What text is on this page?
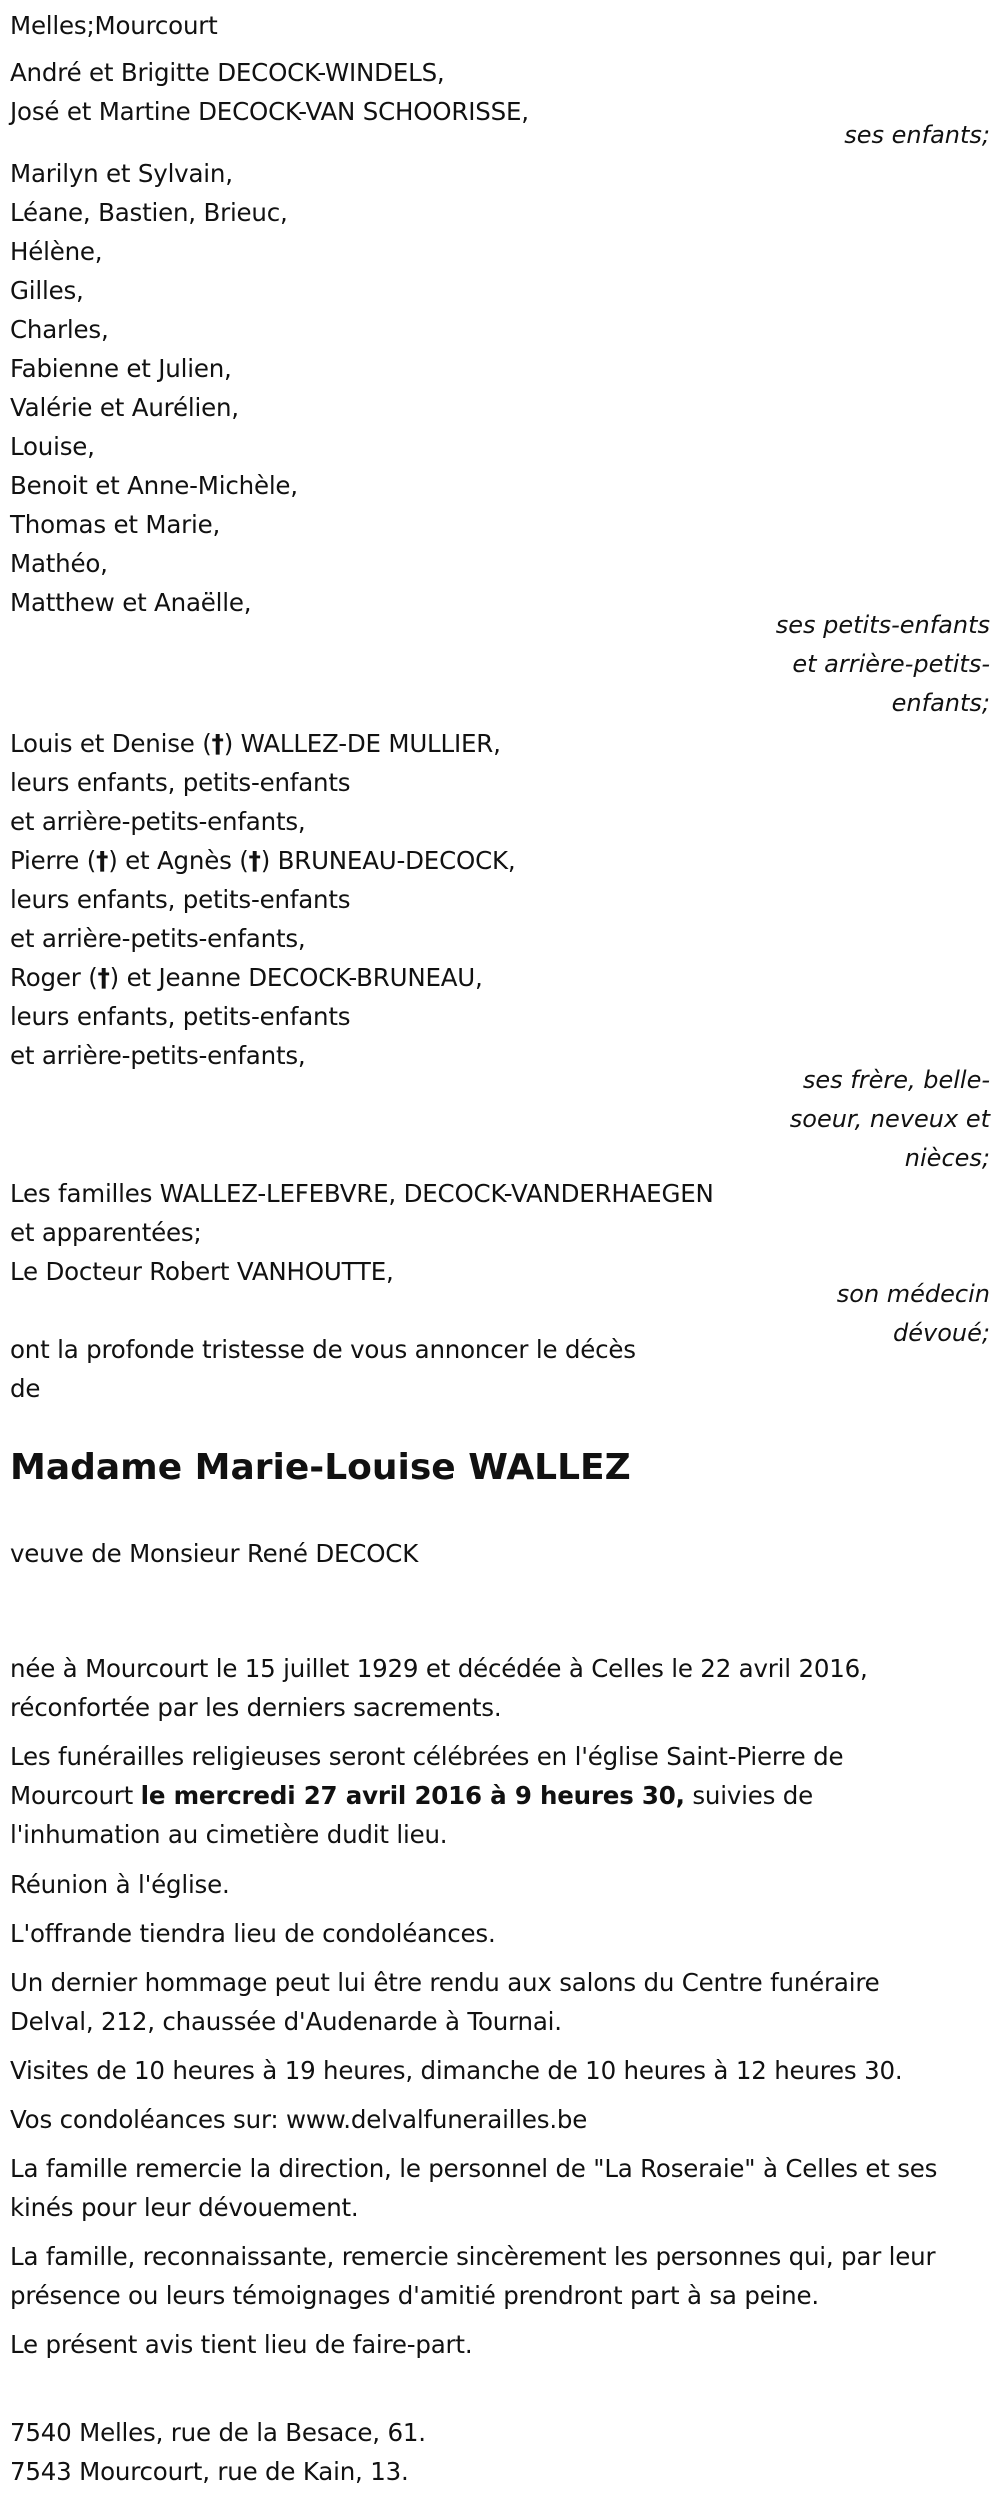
Melles;Mourcourt
André et Brigitte DECOCK-WINDELS,
José et Martine DECOCK-VAN SCHOORISSE,
ses enfants;
Marilyn et Sylvain,
Léane, Bastien, Brieuc,
Hélène,
Gilles,
Charles,
Fabienne et Julien,
Valérie et Aurélien,
Louise,
Benoit et Anne-Michèle,
Thomas et Marie,
Mathéo,
Matthew et Anaëlle,
ses petits-enfants
et arrière-petits-
enfants;
Louis et Denise (†) WALLEZ-DE MULLIER,
leurs enfants, petits-enfants
et arrière-petits-enfants,
Pierre (†) et Agnès (†) BRUNEAU-DECOCK,
leurs enfants, petits-enfants
et arrière-petits-enfants,
Roger (†) et Jeanne DECOCK-BRUNEAU,
leurs enfants, petits-enfants
et arrière-petits-enfants,
ses frère, belle-
soeur, neveux et
nièces;
Les familles WALLEZ-LEFEBVRE, DECOCK-VANDERHAEGEN
et apparentées;
Le Docteur Robert VANHOUTTE,
son médecin
dévoué;
ont la profonde tristesse de vous annoncer le décès
de
Madame Marie-Louise WALLEZ
veuve de Monsieur René DECOCK
née à Mourcourt le 15 juillet 1929 et décédée à Celles le 22 avril 2016, réconfortée par les derniers sacrements.
Les funérailles religieuses seront célébrées en l'église Saint-Pierre de Mourcourt le mercredi 27 avril 2016 à 9 heures 30, suivies de l'inhumation au cimetière dudit lieu.
Réunion à l'église.
L'offrande tiendra lieu de condoléances.
Un dernier hommage peut lui être rendu aux salons du Centre funéraire Delval, 212, chaussée d'Audenarde à Tournai.
Visites de 10 heures à 19 heures, dimanche de 10 heures à 12 heures 30.
Vos condoléances sur: www.delvalfunerailles.be
La famille remercie la direction, le personnel de "La Roseraie" à Celles et ses kinés pour leur dévouement.
La famille, reconnaissante, remercie sincèrement les personnes qui, par leur présence ou leurs témoignages d'amitié prendront part à sa peine.
Le présent avis tient lieu de faire-part.
7540 Melles, rue de la Besace, 61.
7543 Mourcourt, rue de Kain, 13.
